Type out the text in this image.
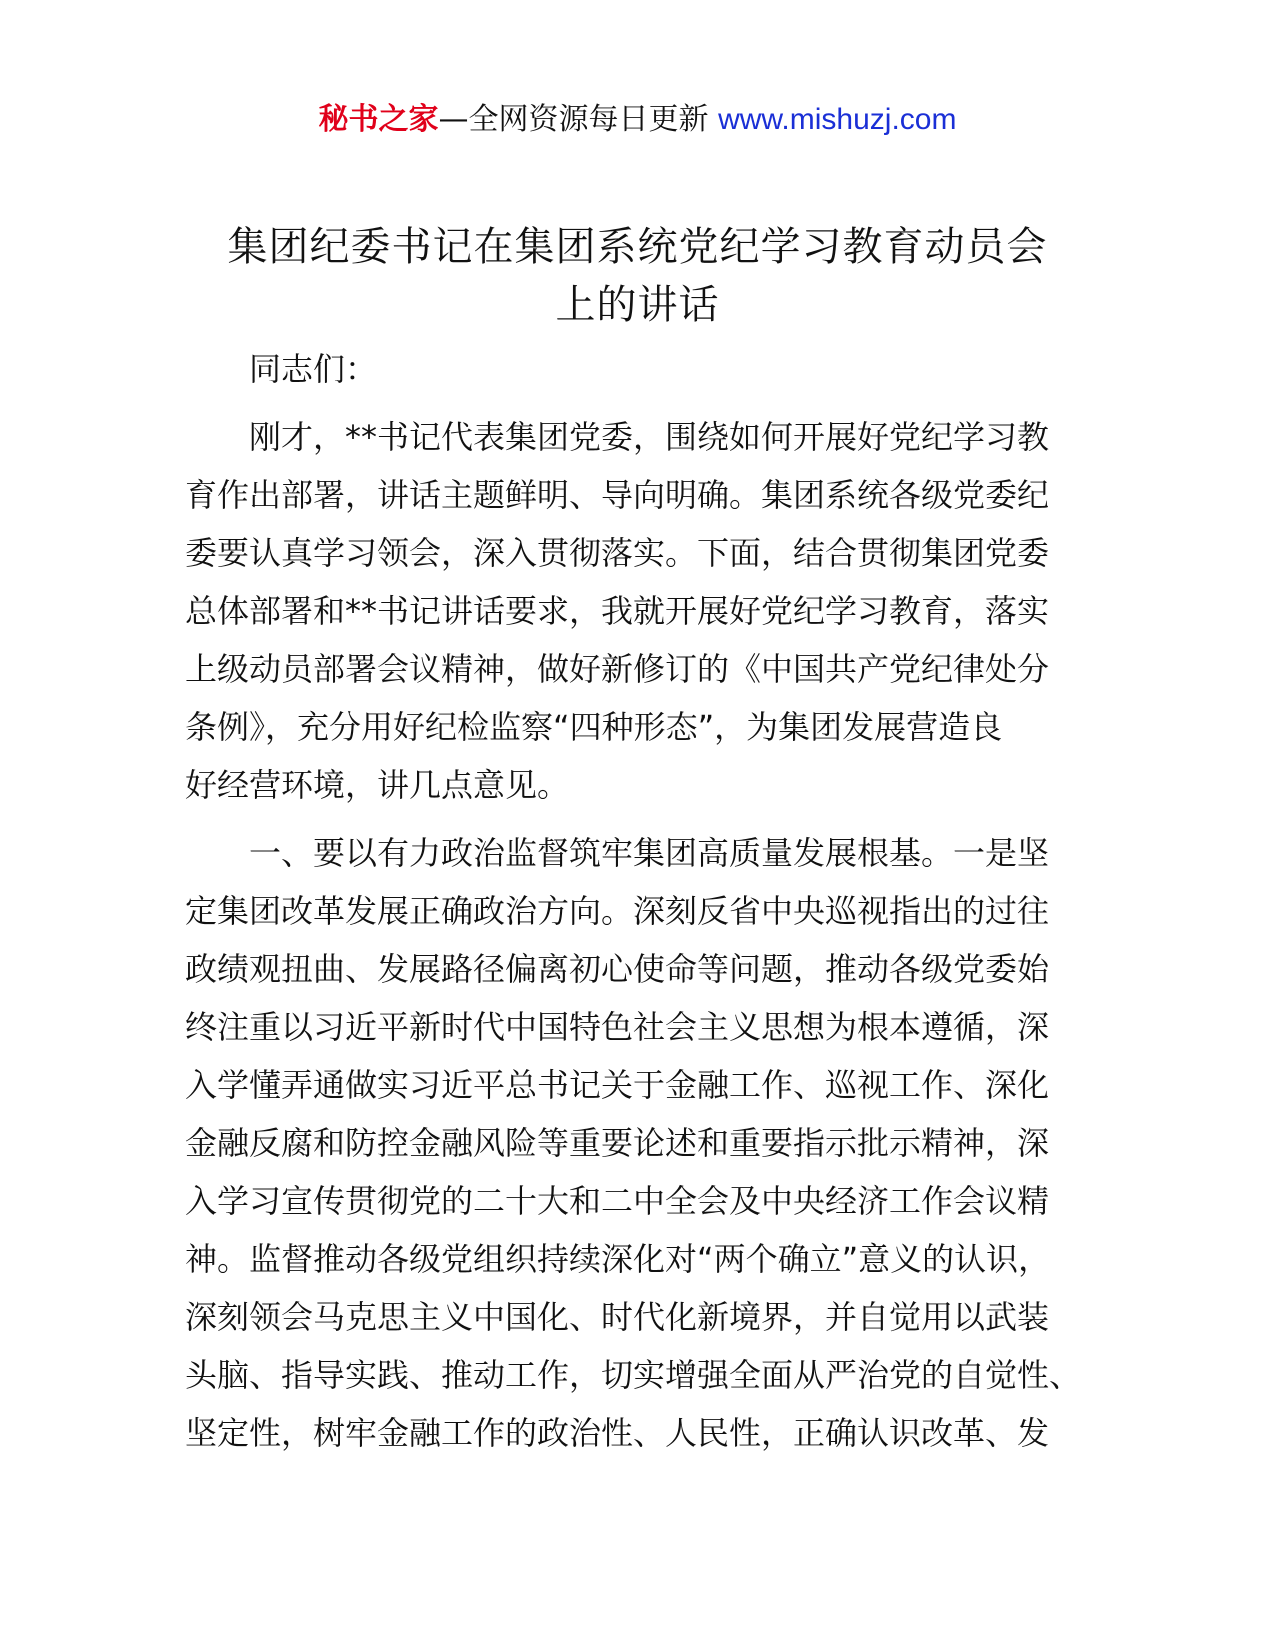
秘书之家—全网资源每日更新 www.mishuzj.com
集团纪委书记在集团系统党纪学习教育动员会
上的讲话
同志们：
刚才，**书记代表集团党委，围绕如何开展好党纪学习教
育作出部署，讲话主题鲜明、导向明确。集团系统各级党委纪
委要认真学习领会，深入贯彻落实。下面，结合贯彻集团党委
总体部署和**书记讲话要求，我就开展好党纪学习教育，落实
上级动员部署会议精神，做好新修订的《中国共产党纪律处分
条例》，充分用好纪检监察“四种形态”，为集团发展营造良
好经营环境，讲几点意见。
一、要以有力政治监督筑牢集团高质量发展根基。一是坚
定集团改革发展正确政治方向。深刻反省中央巡视指出的过往
政绩观扭曲、发展路径偏离初心使命等问题，推动各级党委始
终注重以习近平新时代中国特色社会主义思想为根本遵循，深
入学懂弄通做实习近平总书记关于金融工作、巡视工作、深化
金融反腐和防控金融风险等重要论述和重要指示批示精神，深
入学习宣传贯彻党的二十大和二中全会及中央经济工作会议精
神。监督推动各级党组织持续深化对“两个确立”意义的认识，
深刻领会马克思主义中国化、时代化新境界，并自觉用以武装
头脑、指导实践、推动工作，切实增强全面从严治党的自觉性、
坚定性，树牢金融工作的政治性、人民性，正确认识改革、发
